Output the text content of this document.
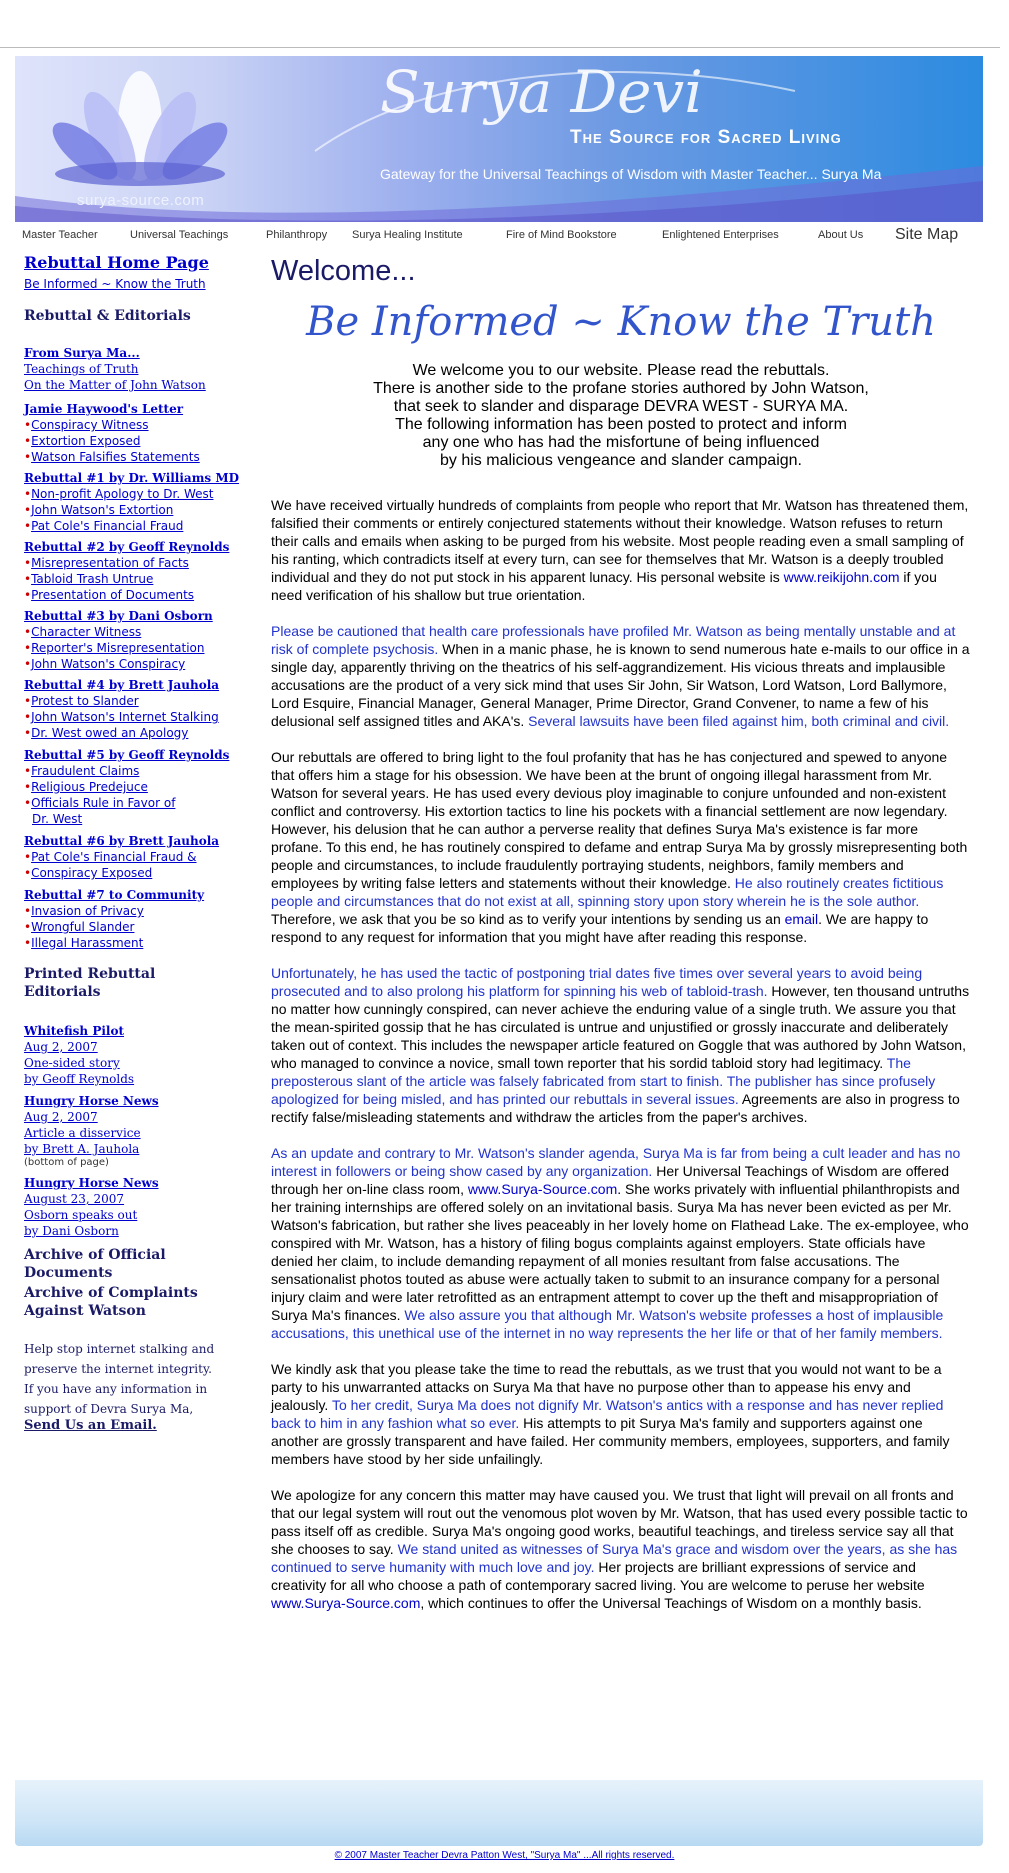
surya-source.com
Surya Devi
The Source for Sacred Living
Gateway for the Universal Teachings of Wisdom with Master Teacher... Surya Ma
Master Teacher	Universal Teachings	Philanthropy Surya Healing Institute	Fire of Mind Bookstore	Enlightened Enterprises	About Us Site Map
Rebuttal Home Page
Be Informed ~ Know the Truth
Rebuttal & Editorials
From Surya Ma...
Teachings of Truth
On the Matter of John Watson
Jamie Haywood's Letter
•Conspiracy Witness
•Extortion Exposed
•Watson Falsifies Statements
Rebuttal #1 by Dr. Williams MD
•Non-profit Apology to Dr. West
•John Watson's Extortion
•Pat Cole's Financial Fraud
Rebuttal #2 by Geoff Reynolds
•Misrepresentation of Facts
•Tabloid Trash Untrue
•Presentation of Documents
Rebuttal #3 by Dani Osborn
•Character Witness
•Reporter's Misrepresentation
•John Watson's Conspiracy
Rebuttal #4 by Brett Jauhola
•Protest to Slander
•John Watson's Internet Stalking
•Dr. West owed an Apology
Rebuttal #5 by Geoff Reynolds
•Fraudulent Claims
•Religious Predejuce
•Officials Rule in Favor of Dr. West
Rebuttal #6 by Brett Jauhola
•Pat Cole's Financial Fraud &
•Conspiracy Exposed
Rebuttal #7 to Community
•Invasion of Privacy
•Wrongful Slander
•Illegal Harassment
Printed Rebuttal Editorials
Whitefish Pilot
Aug 2, 2007
One-sided story
by Geoff Reynolds
Hungry Horse News
Aug 2, 2007
Article a disservice
by Brett A. Jauhola
(bottom of page)
Hungry Horse News
August 23, 2007
Osborn speaks out
by Dani Osborn
Archive of Official Documents
Archive of Complaints Against Watson
Help stop internet stalking and preserve the internet integrity. If you have any information in support of Devra Surya Ma,
Send Us an Email.
Welcome...
Be Informed ~ Know the Truth
We welcome you to our website. Please read the rebuttals.
There is another side to the profane stories authored by John Watson,
that seek to slander and disparage DEVRA WEST - SURYA MA.
The following information has been posted to protect and inform
any one who has had the misfortune of being influenced
by his malicious vengeance and slander campaign.

We have received virtually hundreds of complaints from people who report that Mr. Watson has threatened them, falsified their comments or entirely conjectured statements without their knowledge. Watson refuses to return their calls and emails when asking to be purged from his website. Most people reading even a small sampling of his ranting, which contradicts itself at every turn, can see for themselves that Mr. Watson is a deeply troubled individual and they do not put stock in his apparent lunacy. His personal website is www.reikijohn.com if you need verification of his shallow but true orientation.

Please be cautioned that health care professionals have profiled Mr. Watson as being mentally unstable and at risk of complete psychosis. When in a manic phase, he is known to send numerous hate e-mails to our office in a single day, apparently thriving on the theatrics of his self-aggrandizement. His vicious threats and implausible accusations are the product of a very sick mind that uses Sir John, Sir Watson, Lord Watson, Lord Ballymore, Lord Esquire, Financial Manager, General Manager, Prime Director, Grand Convener, to name a few of his delusional self assigned titles and AKA's. Several lawsuits have been filed against him, both criminal and civil.

Our rebuttals are offered to bring light to the foul profanity that has he has conjectured and spewed to anyone that offers him a stage for his obsession. We have been at the brunt of ongoing illegal harassment from Mr. Watson for several years. He has used every devious ploy imaginable to conjure unfounded and non-existent conflict and controversy. His extortion tactics to line his pockets with a financial settlement are now legendary. However, his delusion that he can author a perverse reality that defines Surya Ma's existence is far more profane. To this end, he has routinely conspired to defame and entrap Surya Ma by grossly misrepresenting both people and circumstances, to include fraudulently portraying students, neighbors, family members and employees by writing false letters and statements without their knowledge. He also routinely creates fictitious people and circumstances that do not exist at all, spinning story upon story wherein he is the sole author. Therefore, we ask that you be so kind as to verify your intentions by sending us an email. We are happy to respond to any request for information that you might have after reading this response.

Unfortunately, he has used the tactic of postponing trial dates five times over several years to avoid being prosecuted and to also prolong his platform for spinning his web of tabloid-trash. However, ten thousand untruths no matter how cunningly conspired, can never achieve the enduring value of a single truth. We assure you that the mean-spirited gossip that he has circulated is untrue and unjustified or grossly inaccurate and deliberately taken out of context. This includes the newspaper article featured on Goggle that was authored by John Watson, who managed to convince a novice, small town reporter that his sordid tabloid story had legitimacy. The preposterous slant of the article was falsely fabricated from start to finish. The publisher has since profusely apologized for being misled, and has printed our rebuttals in several issues. Agreements are also in progress to rectify false/misleading statements and withdraw the articles from the paper's archives.

As an update and contrary to Mr. Watson's slander agenda, Surya Ma is far from being a cult leader and has no interest in followers or being show cased by any organization. Her Universal Teachings of Wisdom are offered through her on-line class room, www.Surya-Source.com. She works privately with influential philanthropists and her training internships are offered solely on an invitational basis. Surya Ma has never been evicted as per Mr. Watson's fabrication, but rather she lives peaceably in her lovely home on Flathead Lake. The ex-employee, who conspired with Mr. Watson, has a history of filing bogus complaints against employers. State officials have denied her claim, to include demanding repayment of all monies resultant from false accusations. The sensationalist photos touted as abuse were actually taken to submit to an insurance company for a personal injury claim and were later retrofitted as an entrapment attempt to cover up the theft and misappropriation of Surya Ma's finances. We also assure you that although Mr. Watson's website professes a host of implausible accusations, this unethical use of the internet in no way represents the her life or that of her family members.

We kindly ask that you please take the time to read the rebuttals, as we trust that you would not want to be a party to his unwarranted attacks on Surya Ma that have no purpose other than to appease his envy and jealously. To her credit, Surya Ma does not dignify Mr. Watson's antics with a response and has never replied back to him in any fashion what so ever. His attempts to pit Surya Ma's family and supporters against one another are grossly transparent and have failed. Her community members, employees, supporters, and family members have stood by her side unfailingly.

We apologize for any concern this matter may have caused you. We trust that light will prevail on all fronts and that our legal system will rout out the venomous plot woven by Mr. Watson, that has used every possible tactic to pass itself off as credible. Surya Ma's ongoing good works, beautiful teachings, and tireless service say all that she chooses to say. We stand united as witnesses of Surya Ma's grace and wisdom over the years, as she has continued to serve humanity with much love and joy. Her projects are brilliant expressions of service and creativity for all who choose a path of contemporary sacred living. You are welcome to peruse her website www.Surya-Source.com, which continues to offer the Universal Teachings of Wisdom on a monthly basis.

© 2007 Master Teacher Devra Patton West, "Surya Ma" ...All rights reserved.
